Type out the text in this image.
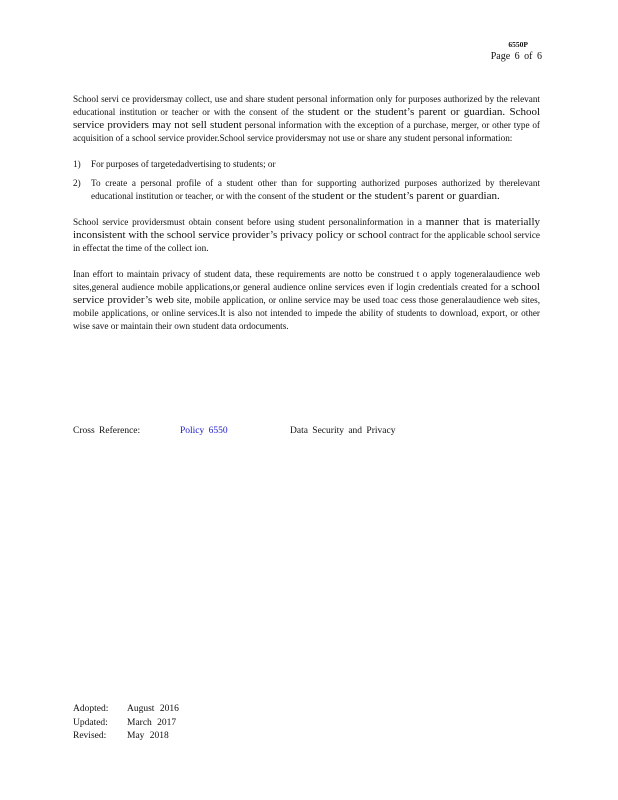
6550P
Page 6 of 6

School servi ce providersmay collect, use and share student personal information only for purposes authorized by the relevant educational institution or teacher or with the consent of the student or the student’s parent or guardian. School service providers may not sell student personal information with the exception of a purchase, merger, or other type of acquisition of a school service provider.School service providersmay not use or share any student personal information:

1) For purposes of targetedadvertising to students; or
2) To create a personal profile of a student other than for supporting authorized purposes authorized by therelevant educational institution or teacher, or with the consent of the student or the student’s parent or guardian.

School service providersmust obtain consent before using student personalinformation in a manner that is materially inconsistent with the school service provider’s privacy policy or school contract for the applicable school service in effectat the time of the collect ion.

Inan effort to maintain privacy of student data, these requirements are notto be construed t o apply togeneralaudience web sites,general audience mobile applications,or general audience online services even if login credentials created for a school service provider’s web site, mobile application, or online service may be used toac cess those generalaudience web sites, mobile applications, or online services.It is also not intended to impede the ability of students to download, export, or other wise save or maintain their own student data ordocuments.

Cross Reference:	Policy 6550	Data Security and Privacy
Adopted: August 2016
Updated: March 2017
Revised: May 2018
